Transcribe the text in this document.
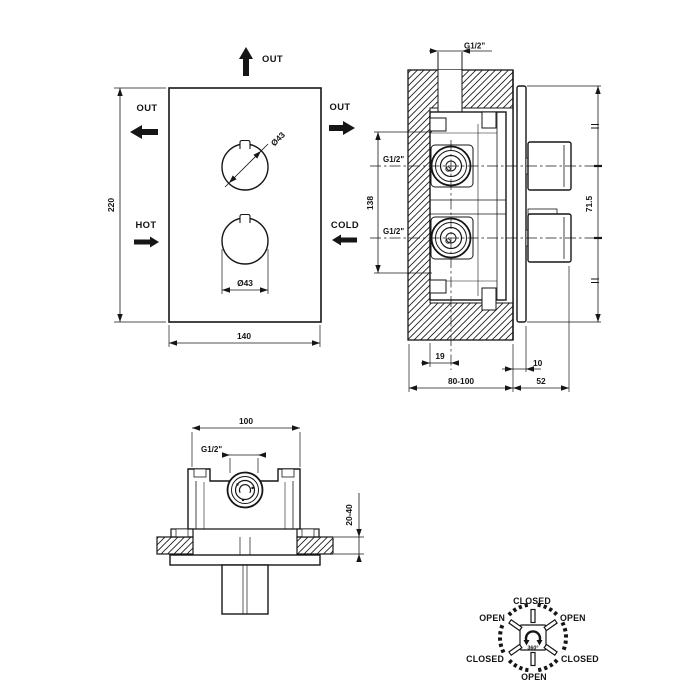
Ø43
Ø43
220
140
OUT
OUT	OUT
HOT	COLD
G1/2"
G1/2"
G1/2"
138	71.5
19
10
80-100	52
100
G1/2"
20-40
360°
CLOSED
OPEN	OPEN
CLOSED	CLOSED
OPEN
